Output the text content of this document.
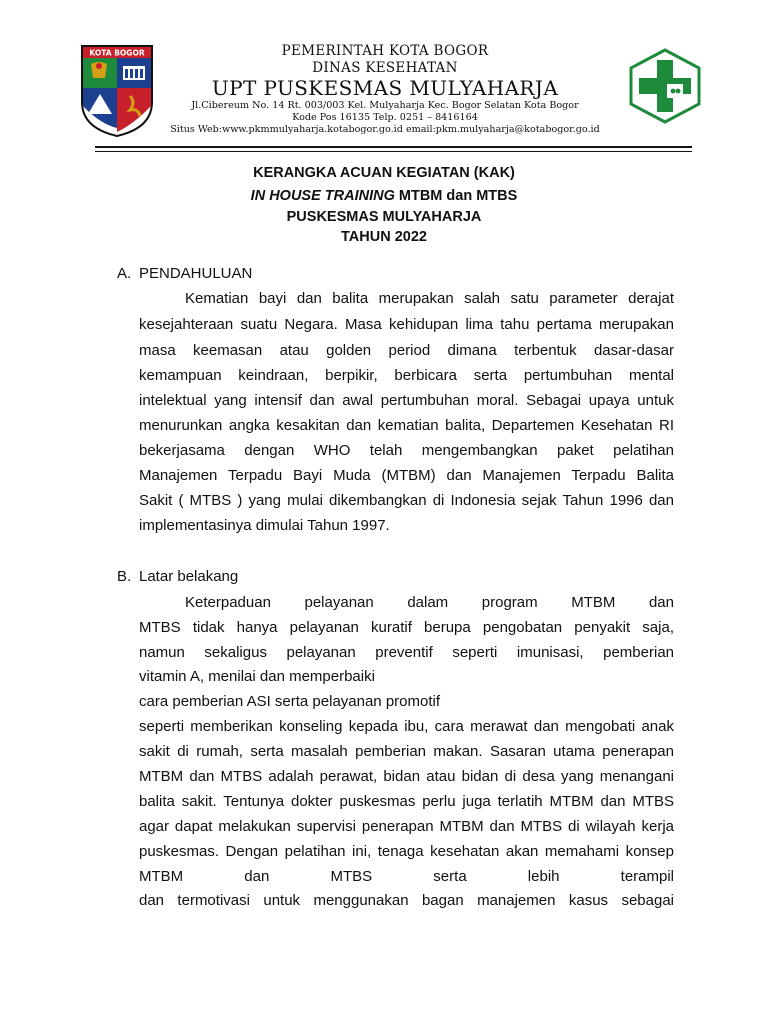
KOTA BOGOR	PEMERINTAH KOTA BOGOR
DINAS KESEHATAN
UPT PUSKESMAS MULYAHARJA
Jl.Cibereum No. 14 Rt. 003/003 Kel. Mulyaharja Kec. Bogor Selatan Kota Bogor
Kode Pos 16135 Telp. 0251 – 8416164
Situs Web:www.pkmmulyaharja.kotabogor.go.id email:pkm.mulyaharja@kotabogor.go.id
KERANGKA ACUAN KEGIATAN (KAK)
IN HOUSE TRAINING MTBM dan MTBS
PUSKESMAS MULYAHARJA
TAHUN 2022
A. PENDAHULUAN
Kematian bayi dan balita merupakan salah satu parameter derajat
kesejahteraan suatu Negara. Masa kehidupan lima tahu pertama merupakan
masa keemasan atau golden period dimana terbentuk dasar-dasar
kemampuan keindraan, berpikir, berbicara serta pertumbuhan mental
intelektual yang intensif dan awal pertumbuhan moral. Sebagai upaya untuk
menurunkan angka kesakitan dan kematian balita, Departemen Kesehatan RI
bekerjasama dengan WHO telah mengembangkan paket pelatihan
Manajemen Terpadu Bayi Muda (MTBM) dan Manajemen Terpadu Balita
Sakit ( MTBS ) yang mulai dikembangkan di Indonesia sejak Tahun 1996 dan
implementasinya dimulai Tahun 1997.
B. Latar belakang
Keterpaduan pelayanan dalam program MTBM dan
MTBS tidak hanya pelayanan kuratif berupa pengobatan penyakit saja,
namun sekaligus pelayanan preventif seperti imunisasi, pemberian
vitamin A, menilai dan memperbaiki
cara pemberian ASI serta pelayanan promotif
seperti memberikan konseling kepada ibu, cara merawat dan mengobati anak
sakit di rumah, serta masalah pemberian makan. Sasaran utama penerapan
MTBM dan MTBS adalah perawat, bidan atau bidan di desa yang menangani
balita sakit. Tentunya dokter puskesmas perlu juga terlatih MTBM dan MTBS
agar dapat melakukan supervisi penerapan MTBM dan MTBS di wilayah kerja
puskesmas. Dengan pelatihan ini, tenaga kesehatan akan memahami konsep
MTBM dan MTBS serta lebih terampil
dan termotivasi untuk menggunakan bagan manajemen kasus sebagai
